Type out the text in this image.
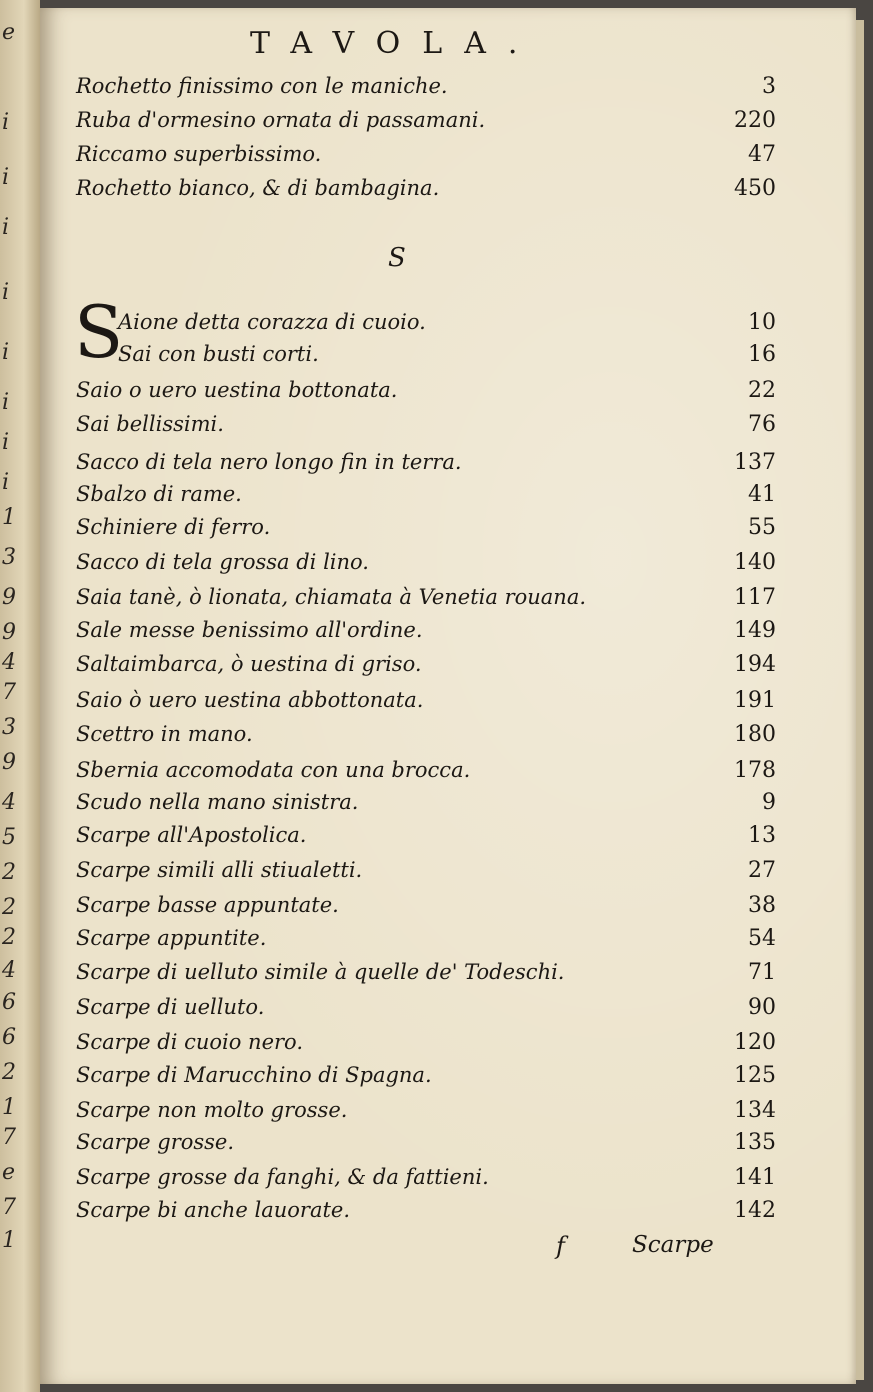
e
i
i
i
i
i
i
i
i
1
3
9
9
4
7
3
9
4
5
2
2
2
4
6
6
2
1
7
e
7
1
TAVOLA.
Rochetto finissimo con le maniche.	3
Ruba d'ormesino ornata di passamani.	220
Riccamo superbissimo.	47
Rochetto bianco, & di bambagina.	450
S
S
Aione detta corazza di cuoio.	10
Sai con busti corti.	16
Saio o uero uestina bottonata.	22
Sai bellissimi.	76
Sacco di tela nero longo fin in terra.	137
Sbalzo di rame.	41
Schiniere di ferro.	55
Sacco di tela grossa di lino.	140
Saia tanè, ò lionata, chiamata à Venetia rouana.	117
Sale messe benissimo all'ordine.	149
Saltaimbarca, ò uestina di griso.	194
Saio ò uero uestina abbottonata.	191
Scettro in mano.	180
Sbernia accomodata con una brocca.	178
Scudo nella mano sinistra.	9
Scarpe all'Apostolica.	13
Scarpe simili alli stiualetti.	27
Scarpe basse appuntate.	38
Scarpe appuntite.	54
Scarpe di uelluto simile à quelle de' Todeschi.	71
Scarpe di uelluto.	90
Scarpe di cuoio nero.	120
Scarpe di Marucchino di Spagna.	125
Scarpe non molto grosse.	134
Scarpe grosse.	135
Scarpe grosse da fanghi, & da fattieni.	141
Scarpe bi anche lauorate.	142
f	Scarpe
